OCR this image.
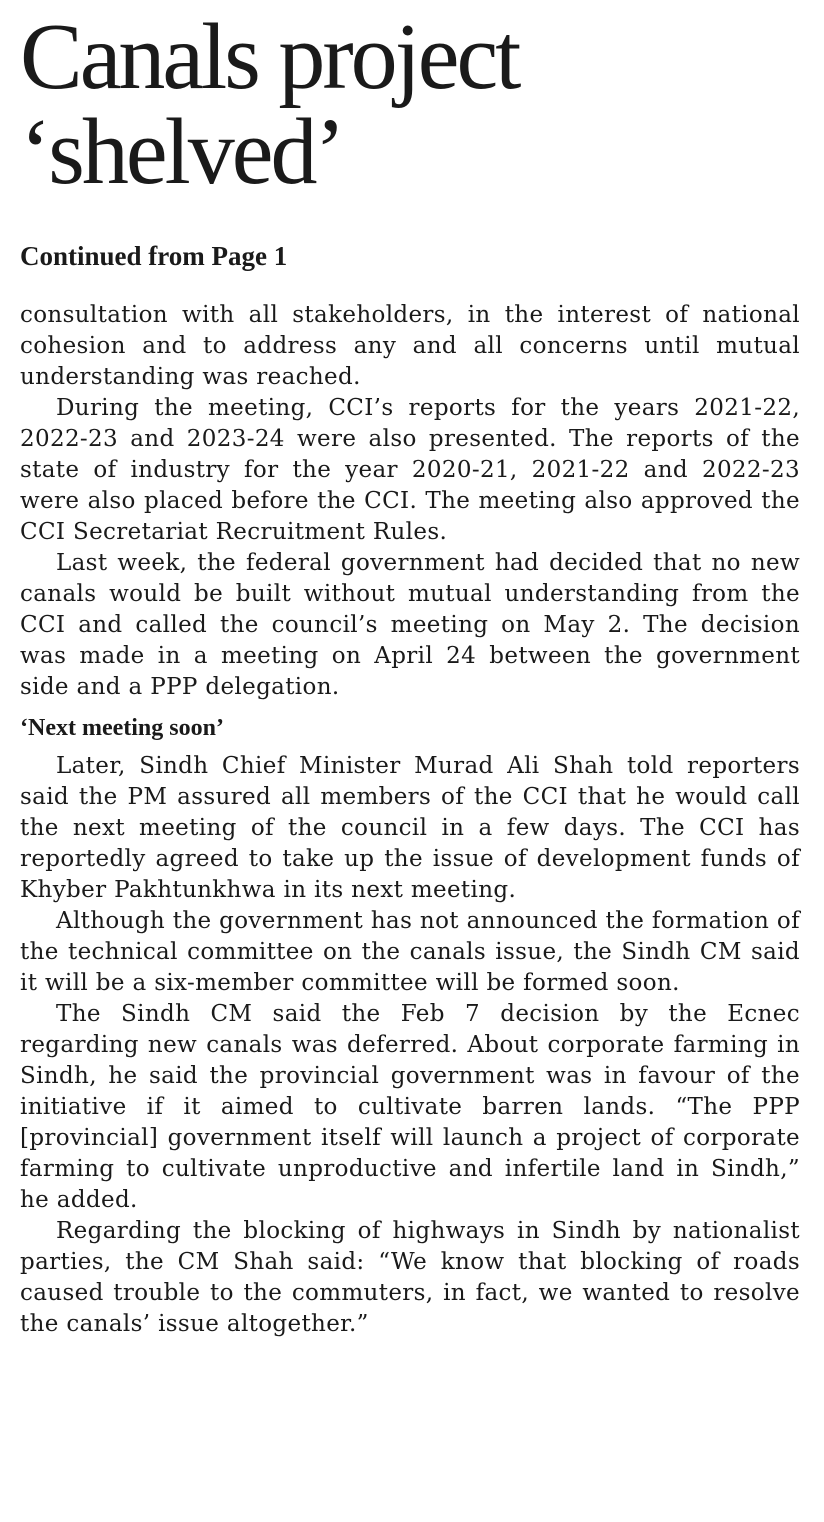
Canals project
‘shelved’
Continued from Page 1

consultation with all stakeholders, in the interest of national cohesion and to address any and all concerns until mutual understanding was reached.

During the meeting, CCI’s reports for the years 2021-22, 2022-23 and 2023-24 were also presented. The reports of the state of industry for the year 2020-21, 2021-22 and 2022-23 were also placed before the CCI. The meeting also approved the CCI Secretariat Recruitment Rules.

Last week, the federal government had decided that no new canals would be built without mutual understanding from the CCI and called the council’s meeting on May 2. The decision was made in a meeting on April 24 between the government side and a PPP delegation.

‘Next meeting soon’

Later, Sindh Chief Minister Murad Ali Shah told reporters said the PM assured all members of the CCI that he would call the next meeting of the council in a few days. The CCI has reportedly agreed to take up the issue of development funds of Khyber Pakhtunkhwa in its next meeting.

Although the government has not announced the formation of the technical committee on the canals issue, the Sindh CM said it will be a six-member committee will be formed soon.

The Sindh CM said the Feb 7 decision by the Ecnec regarding new canals was deferred. About corporate farming in Sindh, he said the provincial government was in favour of the initiative if it aimed to cultivate barren lands. “The PPP [provincial] government itself will launch a project of corporate farming to cultivate unproductive and infertile land in Sindh,” he added.

Regarding the blocking of highways in Sindh by nationalist parties, the CM Shah said: “We know that blocking of roads caused trouble to the commuters, in fact, we wanted to resolve the canals’ issue altogether.”
